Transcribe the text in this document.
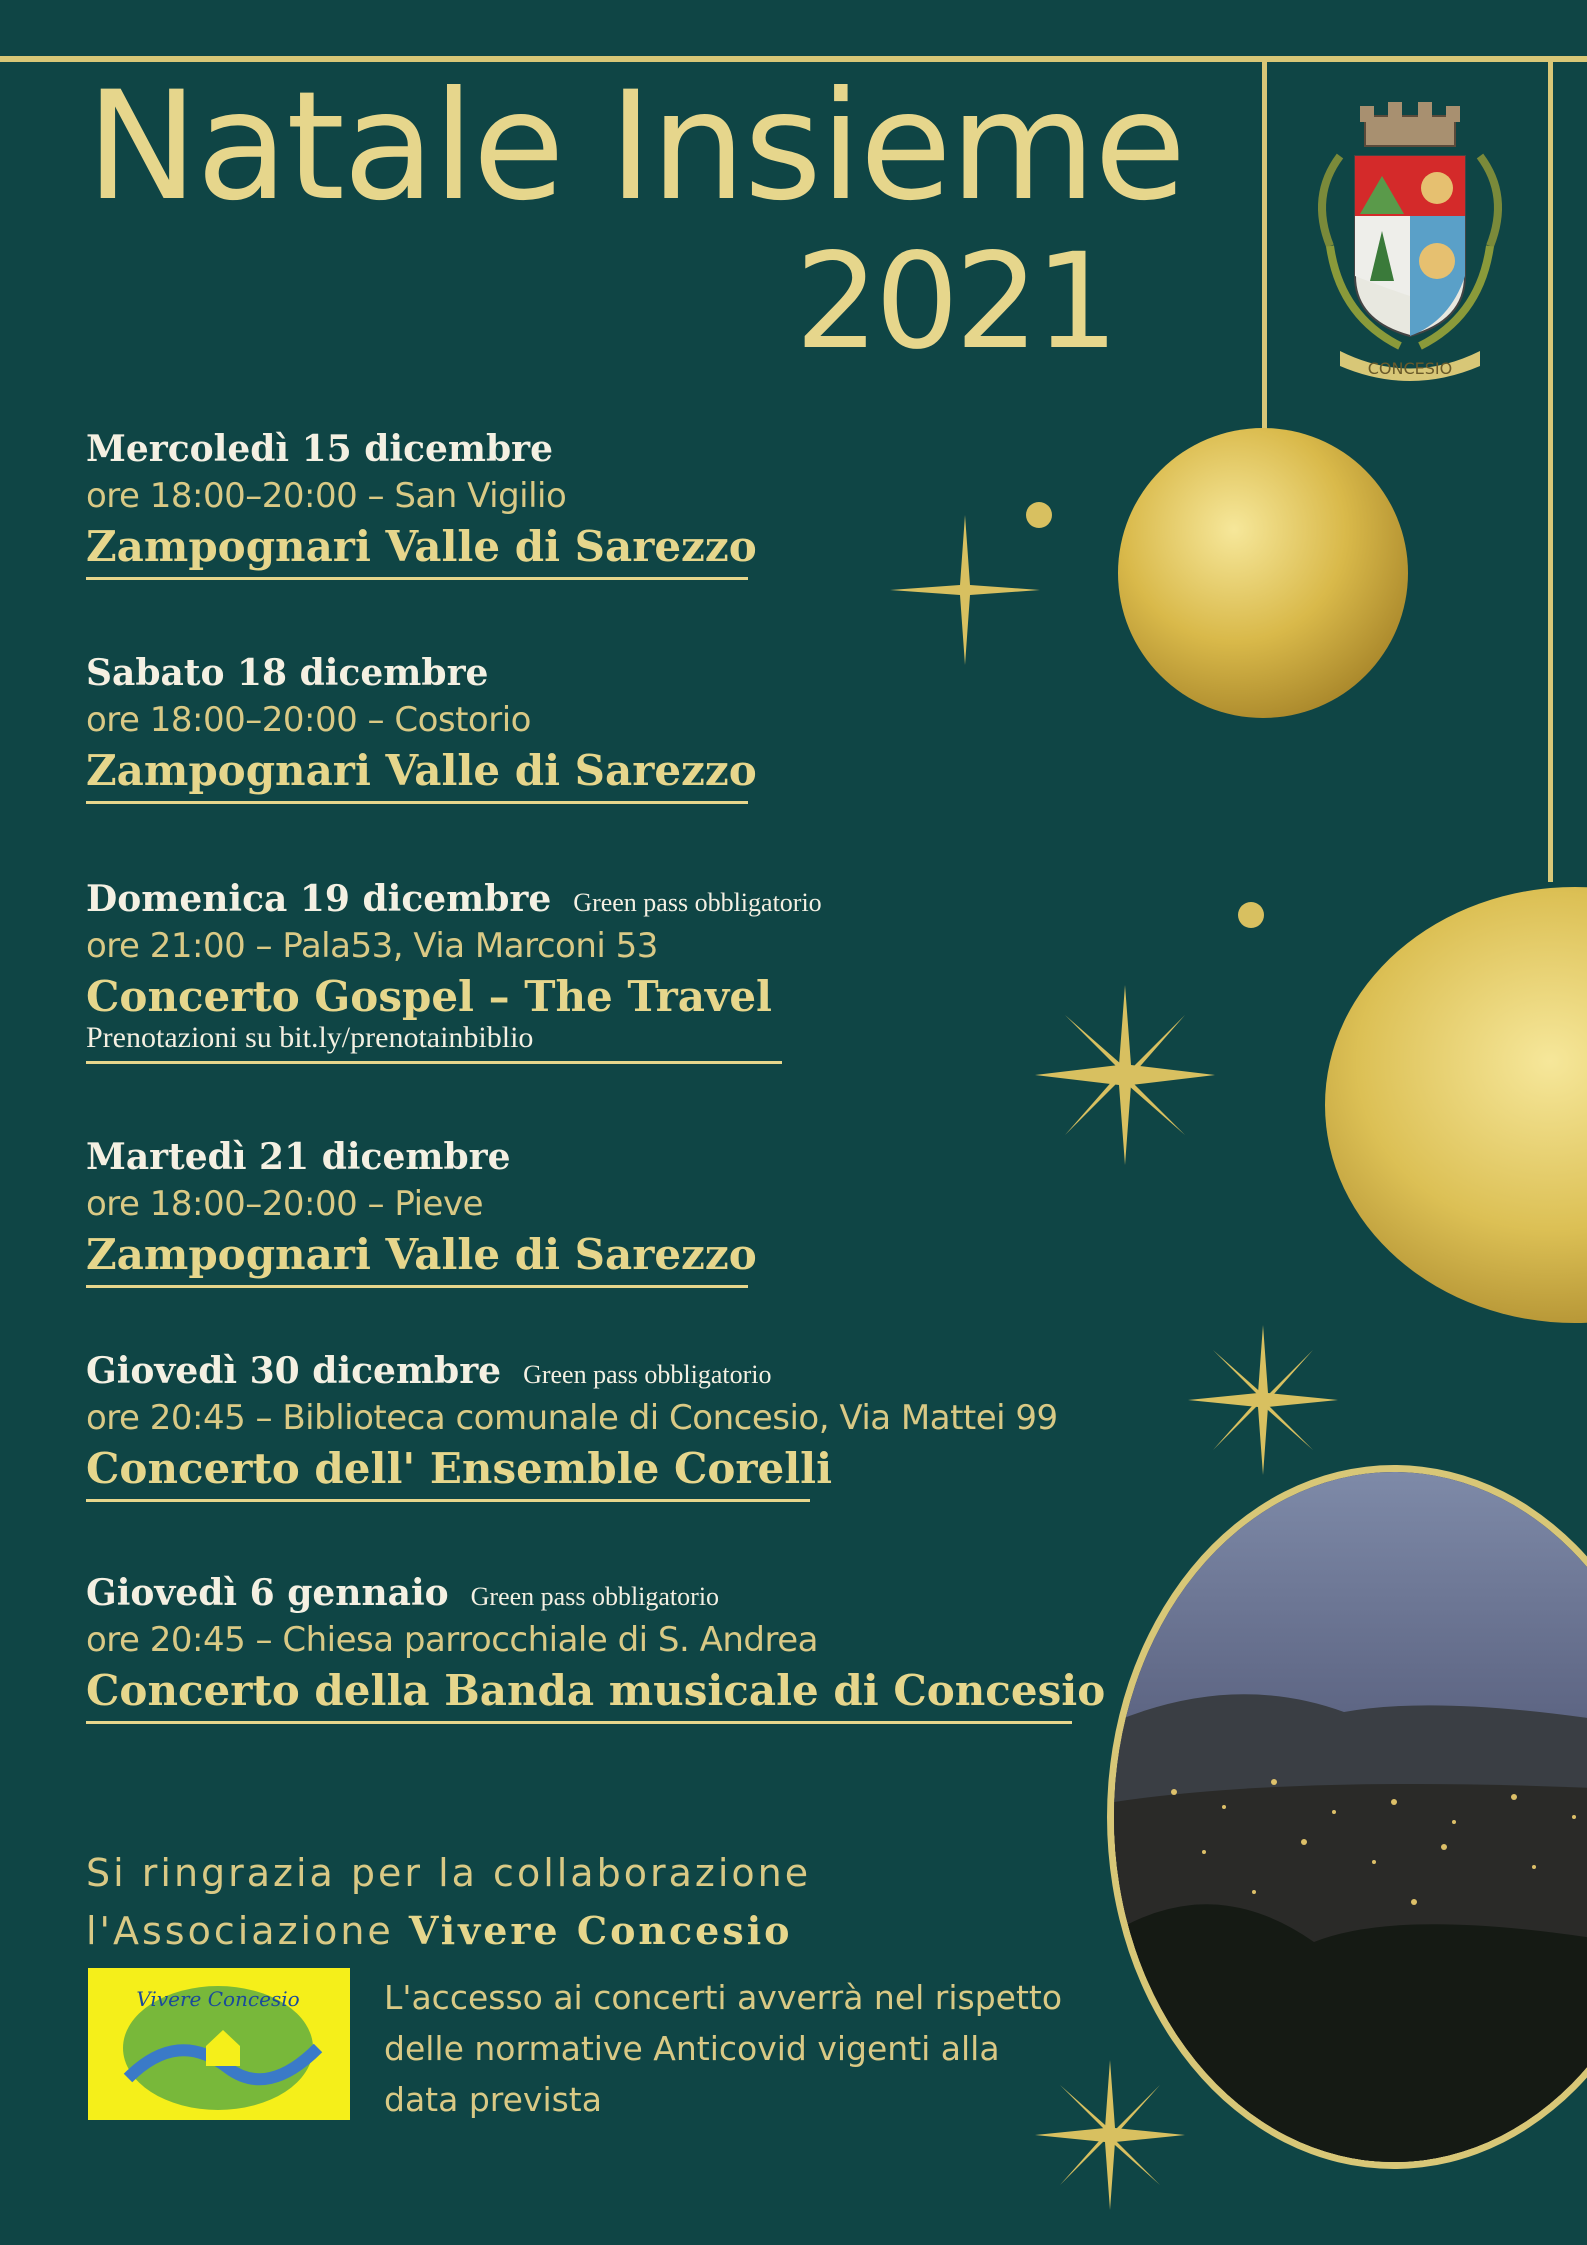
Natale Insieme
2021	CONCESIO
Mercoledì 15 dicembre
ore 18:00–20:00 – San Vigilio
Zampognari Valle di Sarezzo
Sabato 18 dicembre
ore 18:00–20:00 – Costorio
Zampognari Valle di Sarezzo
Domenica 19 dicembre Green pass obbligatorio
ore 21:00 – Pala53, Via Marconi 53
Concerto Gospel – The Travel
Prenotazioni su bit.ly/prenotainbiblio
Martedì 21 dicembre
ore 18:00–20:00 – Pieve
Zampognari Valle di Sarezzo
Giovedì 30 dicembre Green pass obbligatorio
ore 20:45 – Biblioteca comunale di Concesio, Via Mattei 99
Concerto dell' Ensemble Corelli
Giovedì 6 gennaio Green pass obbligatorio
ore 20:45 – Chiesa parrocchiale di S. Andrea
Concerto della Banda musicale di Concesio
Si ringrazia per la collaborazione
l'Associazione Vivere Concesio
Vivere Concesio	L'accesso ai concerti avverrà nel rispetto
delle normative Anticovid vigenti alla
data prevista
